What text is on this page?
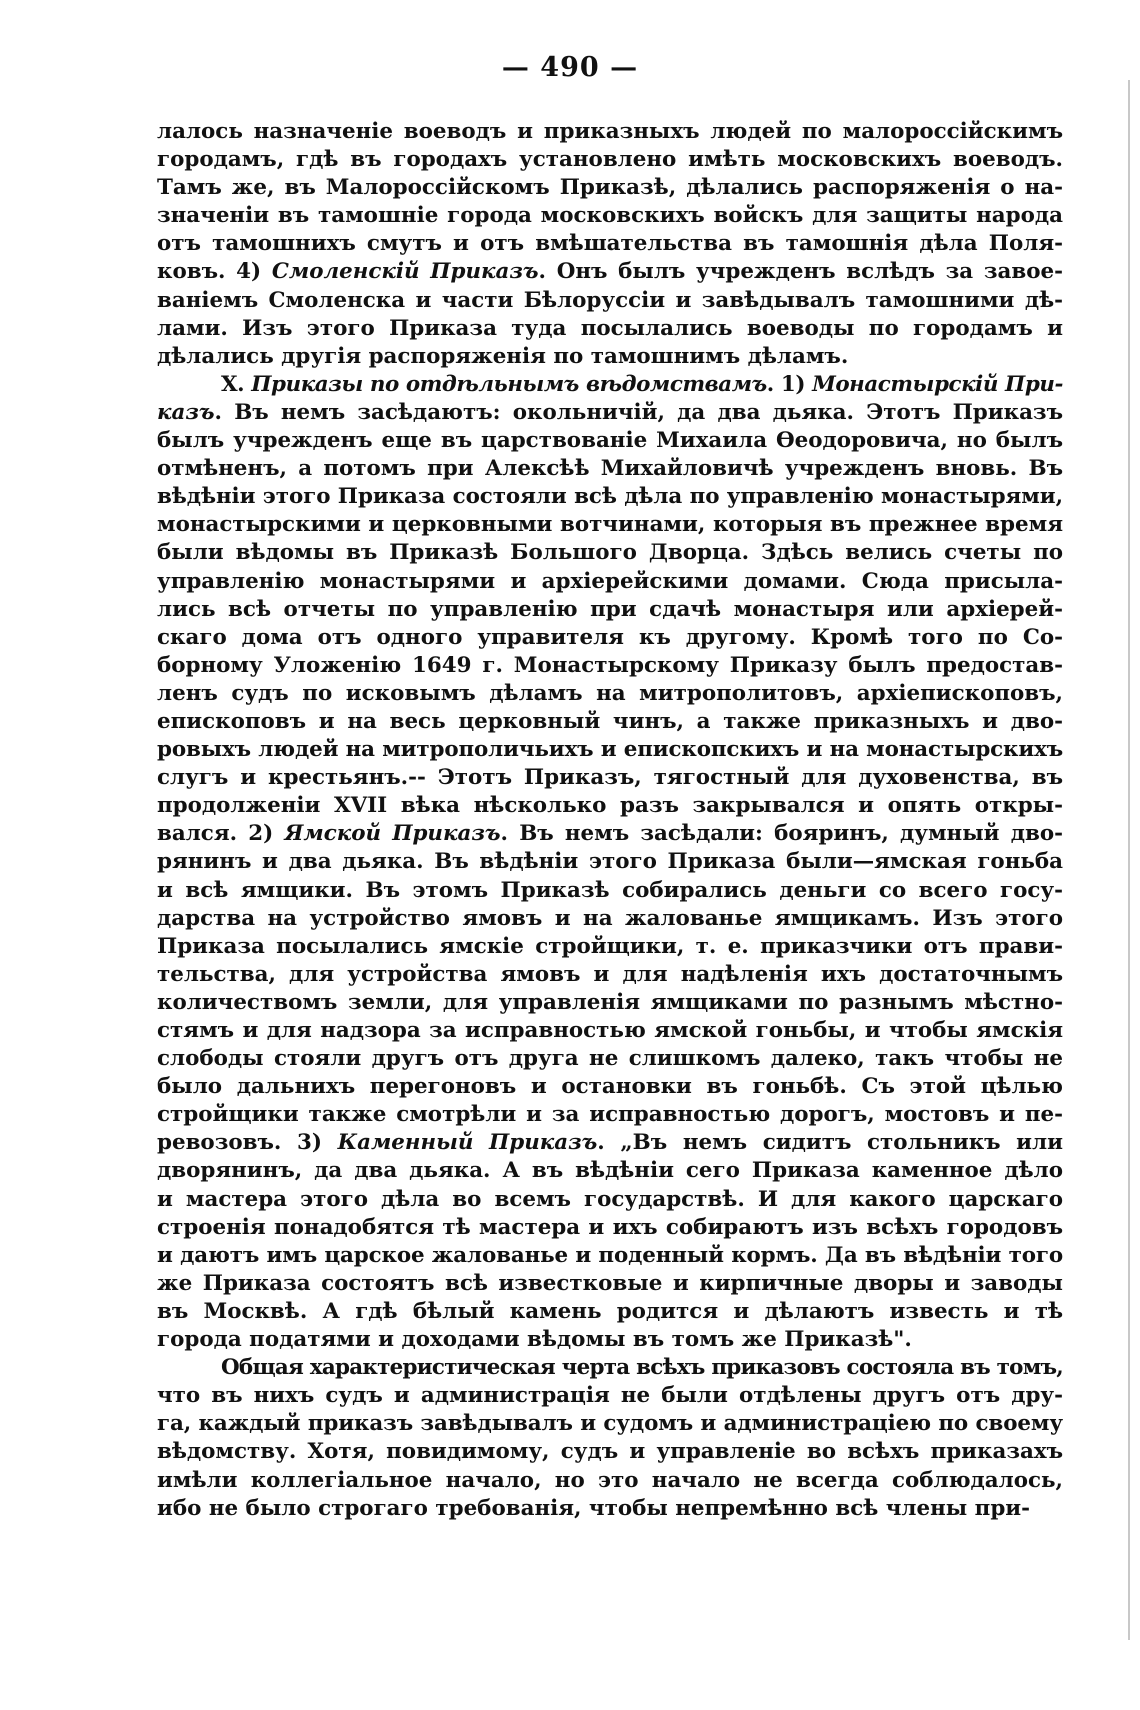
— 490 —
лалось назначеніе воеводъ и приказныхъ людей по малороссійскимъ
городамъ, гдѣ въ городахъ установлено имѣть московскихъ воеводъ.
Тамъ же, въ Малороссійскомъ Приказѣ, дѣлались распоряженія о на-
значеніи въ тамошніе города московскихъ войскъ для защиты народа
отъ тамошнихъ смутъ и отъ вмѣшательства въ тамошнія дѣла Поля-
ковъ. 4) Смоленскій Приказъ. Онъ былъ учрежденъ вслѣдъ за завое-
ваніемъ Смоленска и части Бѣлоруссіи и завѣдывалъ тамошними дѣ-
лами. Изъ этого Приказа туда посылались воеводы по городамъ и
дѣлались другія распоряженія по тамошнимъ дѣламъ.
X. Приказы по отдѣльнымъ вѣдомствамъ. 1) Монастырскій При-
казъ. Въ немъ засѣдаютъ: окольничій, да два дьяка. Этотъ Приказъ
былъ учрежденъ еще въ царствованіе Михаила Ѳеодоровича, но былъ
отмѣненъ, а потомъ при Алексѣѣ Михайловичѣ учрежденъ вновь. Въ
вѣдѣніи этого Приказа состояли всѣ дѣла по управленію монастырями,
монастырскими и церковными вотчинами, которыя въ прежнее время
были вѣдомы въ Приказѣ Большого Дворца. Здѣсь велись счеты по
управленію монастырями и архіерейскими домами. Сюда присыла-
лись всѣ отчеты по управленію при сдачѣ монастыря или архіерей-
скаго дома отъ одного управителя къ другому. Кромѣ того по Со-
борному Уложенію 1649 г. Монастырскому Приказу былъ предостав-
ленъ судъ по исковымъ дѣламъ на митрополитовъ, архіепископовъ,
епископовъ и на весь церковный чинъ, а также приказныхъ и дво-
ровыхъ людей на митрополичьихъ и епископскихъ и на монастырскихъ
слугъ и крестьянъ.-- Этотъ Приказъ, тягостный для духовенства, въ
продолженіи XVII вѣка нѣсколько разъ закрывался и опять откры-
вался. 2) Ямской Приказъ. Въ немъ засѣдали: бояринъ, думный дво-
рянинъ и два дьяка. Въ вѣдѣніи этого Приказа были—ямская гоньба
и всѣ ямщики. Въ этомъ Приказѣ собирались деньги со всего госу-
дарства на устройство ямовъ и на жалованье ямщикамъ. Изъ этого
Приказа посылались ямскіе стройщики, т. е. приказчики отъ прави-
тельства, для устройства ямовъ и для надѣленія ихъ достаточнымъ
количествомъ земли, для управленія ямщиками по разнымъ мѣстно-
стямъ и для надзора за исправностью ямской гоньбы, и чтобы ямскія
слободы стояли другъ отъ друга не слишкомъ далеко, такъ чтобы не
было дальнихъ перегоновъ и остановки въ гоньбѣ. Съ этой цѣлью
стройщики также смотрѣли и за исправностью дорогъ, мостовъ и пе-
ревозовъ. 3) Каменный Приказъ. „Въ немъ сидитъ стольникъ или
дворянинъ, да два дьяка. А въ вѣдѣніи сего Приказа каменное дѣло
и мастера этого дѣла во всемъ государствѣ. И для какого царскаго
строенія понадобятся тѣ мастера и ихъ собираютъ изъ всѣхъ городовъ
и даютъ имъ царское жалованье и поденный кормъ. Да въ вѣдѣніи того
же Приказа состоятъ всѣ известковые и кирпичные дворы и заводы
въ Москвѣ. А гдѣ бѣлый камень родится и дѣлаютъ известь и тѣ
города податями и доходами вѣдомы въ томъ же Приказѣ".
Общая характеристическая черта всѣхъ приказовъ состояла въ томъ,
что въ нихъ судъ и администрація не были отдѣлены другъ отъ дру-
га, каждый приказъ завѣдывалъ и судомъ и администраціею по своему
вѣдомству. Хотя, повидимому, судъ и управленіе во всѣхъ приказахъ
имѣли коллегіальное начало, но это начало не всегда соблюдалось,
ибо не было строгаго требованія, чтобы непремѣнно всѣ члены при-
